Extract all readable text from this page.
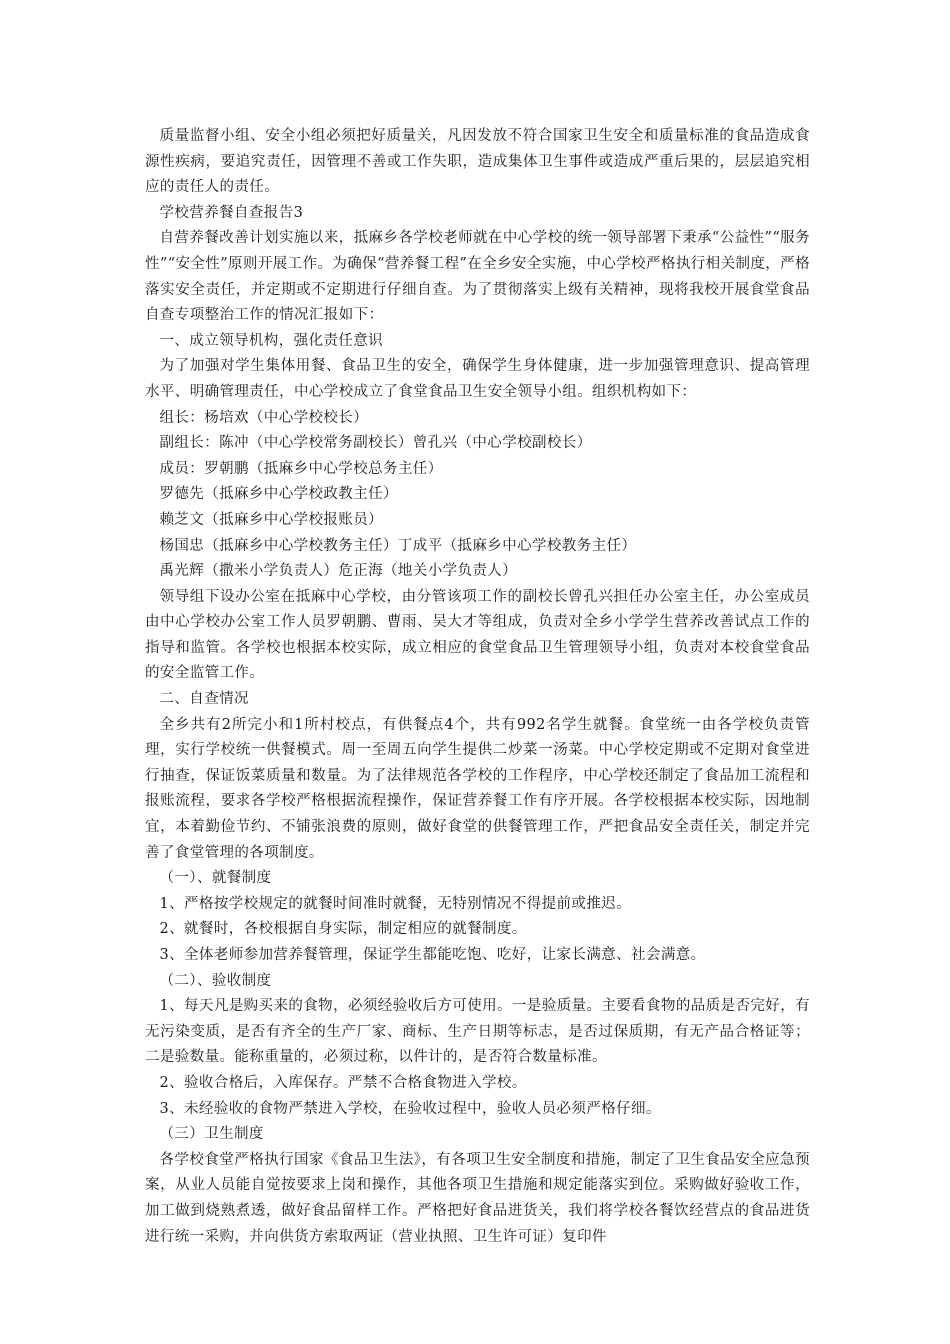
质量监督小组、安全小组必须把好质量关，凡因发放不符合国家卫生安全和质量标准的食品造成食源性疾病，要追究责任，因管理不善或工作失职，造成集体卫生事件或造成严重后果的，层层追究相应的责任人的责任。

学校营养餐自查报告3

自营养餐改善计划实施以来，抵麻乡各学校老师就在中心学校的统一领导部署下秉承“公益性”“服务性”“安全性”原则开展工作。为确保“营养餐工程”在全乡安全实施，中心学校严格执行相关制度，严格落实安全责任，并定期或不定期进行仔细自查。为了贯彻落实上级有关精神，现将我校开展食堂食品自查专项整治工作的情况汇报如下：

一、成立领导机构，强化责任意识

为了加强对学生集体用餐、食品卫生的安全，确保学生身体健康，进一步加强管理意识、提高管理水平、明确管理责任，中心学校成立了食堂食品卫生安全领导小组。组织机构如下：

组长：杨培欢（中心学校校长）

副组长：陈冲（中心学校常务副校长）曾孔兴（中心学校副校长）

成员：罗朝鹏（抵麻乡中心学校总务主任）

罗德先（抵麻乡中心学校政教主任）

赖芝文（抵麻乡中心学校报账员）

杨国忠（抵麻乡中心学校教务主任）丁成平（抵麻乡中心学校教务主任）

禹光辉（撒米小学负责人）危正海（地关小学负责人）

领导组下设办公室在抵麻中心学校，由分管该项工作的副校长曾孔兴担任办公室主任，办公室成员由中心学校办公室工作人员罗朝鹏、曹雨、吴大才等组成，负责对全乡小学学生营养改善试点工作的指导和监管。各学校也根据本校实际，成立相应的食堂食品卫生管理领导小组，负责对本校食堂食品的安全监管工作。

二、自查情况

全乡共有2所完小和1所村校点，有供餐点4个，共有992名学生就餐。食堂统一由各学校负责管理，实行学校统一供餐模式。周一至周五向学生提供二炒菜一汤菜。中心学校定期或不定期对食堂进行抽查，保证饭菜质量和数量。为了法律规范各学校的工作程序，中心学校还制定了食品加工流程和报账流程，要求各学校严格根据流程操作，保证营养餐工作有序开展。各学校根据本校实际，因地制宜，本着勤俭节约、不铺张浪费的原则，做好食堂的供餐管理工作，严把食品安全责任关，制定并完善了食堂管理的各项制度。

（一）、就餐制度

1、严格按学校规定的就餐时间准时就餐，无特别情况不得提前或推迟。

2、就餐时，各校根据自身实际，制定相应的就餐制度。

3、全体老师参加营养餐管理，保证学生都能吃饱、吃好，让家长满意、社会满意。

（二）、验收制度

1、每天凡是购买来的食物，必须经验收后方可使用。一是验质量。主要看食物的品质是否完好，有无污染变质，是否有齐全的生产厂家、商标、生产日期等标志，是否过保质期，有无产品合格证等；二是验数量。能称重量的，必须过称，以件计的，是否符合数量标准。

2、验收合格后，入库保存。严禁不合格食物进入学校。

3、未经验收的食物严禁进入学校，在验收过程中，验收人员必须严格仔细。

（三）卫生制度

各学校食堂严格执行国家《食品卫生法》，有各项卫生安全制度和措施，制定了卫生食品安全应急预案，从业人员能自觉按要求上岗和操作，其他各项卫生措施和规定能落实到位。采购做好验收工作，加工做到烧熟煮透，做好食品留样工作。严格把好食品进货关，我们将学校各餐饮经营点的食品进货进行统一采购，并向供货方索取两证（营业执照、卫生许可证）复印件
